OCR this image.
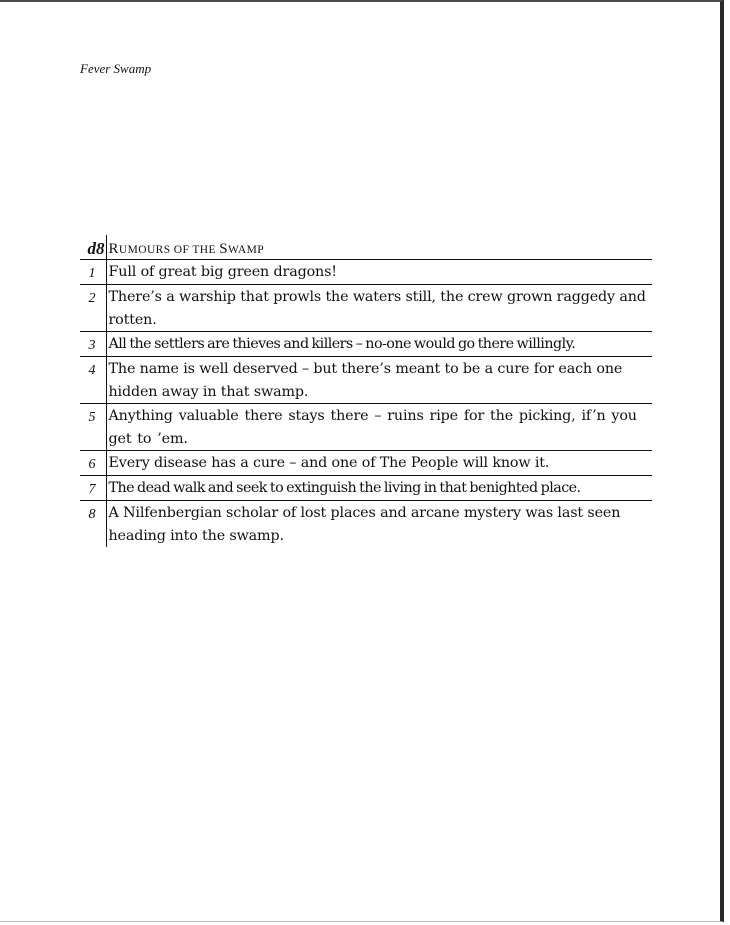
Fever Swamp
d8	RUMOURS OF THE SWAMP
1	Full of great big green dragons!
2	There’s a warship that prowls the waters still, the crew grown raggedy and rotten.
3	All the settlers are thieves and killers – no-one would go there willingly.
4	The name is well deserved – but there’s meant to be a cure for each one hidden away in that swamp.
5	Anything valuable there stays there – ruins ripe for the picking, if’n you get to ’em.
6	Every disease has a cure – and one of The People will know it.
7	The dead walk and seek to extinguish the living in that benighted place.
8	A Nilfenbergian scholar of lost places and arcane mystery was last seen heading into the swamp.
